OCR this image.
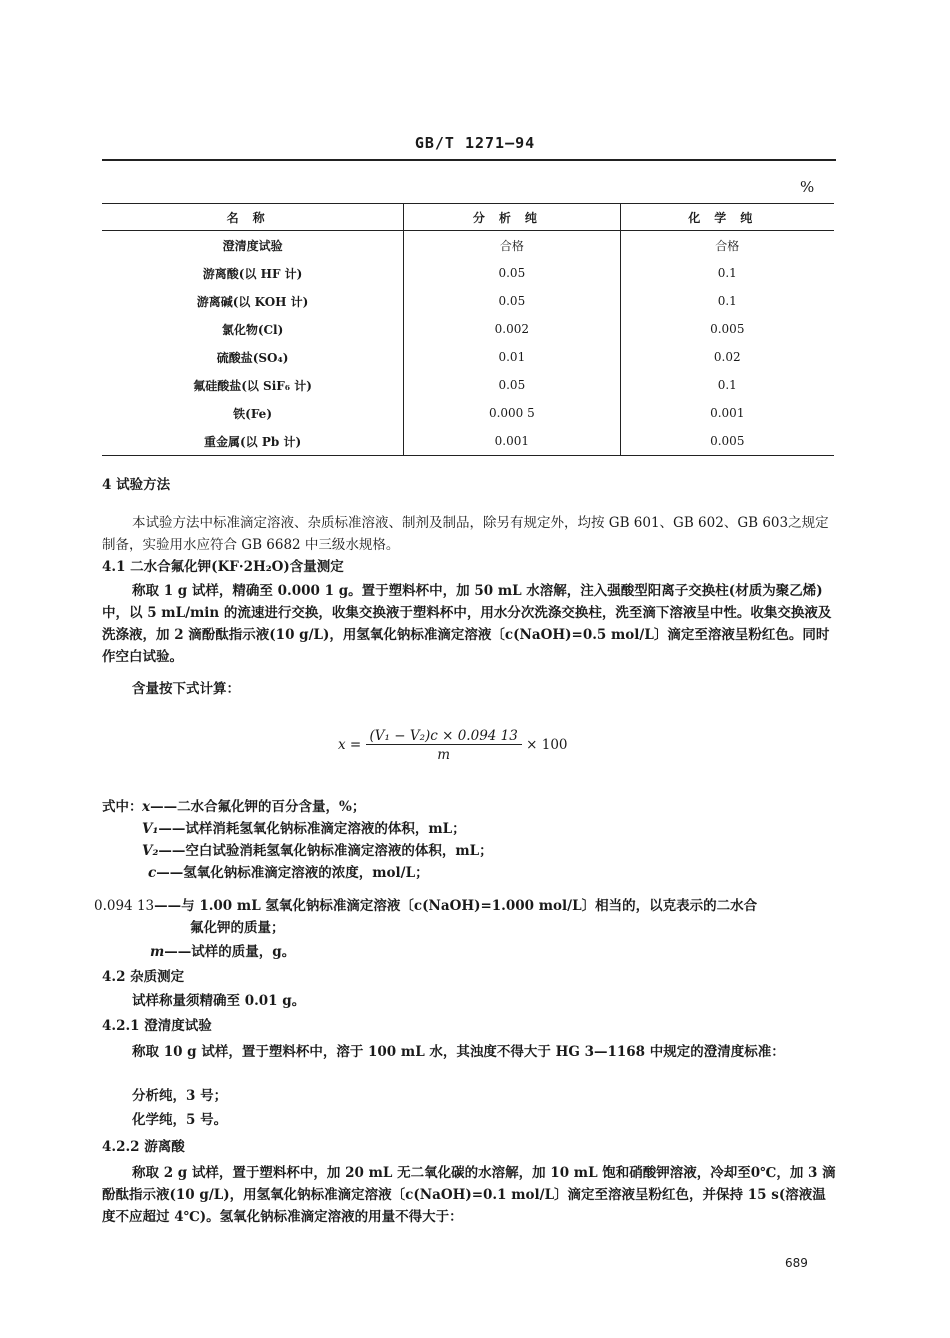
GB/T 1271—94
%
名称	分析纯	化学纯
澄清度试验	合格	合格
游离酸(以 HF 计)	0.05	0.1
游离碱(以 KOH 计)	0.05	0.1
氯化物(Cl)	0.002	0.005
硫酸盐(SO₄)	0.01	0.02
氟硅酸盐(以 SiF₆ 计)	0.05	0.1
铁(Fe)	0.000 5	0.001
重金属(以 Pb 计)	0.001	0.005
4 试验方法
本试验方法中标准滴定溶液、杂质标准溶液、制剂及制品，除另有规定外，均按 GB 601、GB 602、GB 603之规定制备，实验用水应符合 GB 6682 中三级水规格。
4.1 二水合氟化钾(KF·2H₂O)含量测定
称取 1 g 试样，精确至 0.000 1 g。置于塑料杯中，加 50 mL 水溶解，注入强酸型阳离子交换柱(材质为聚乙烯)中，以 5 mL/min 的流速进行交换，收集交换液于塑料杯中，用水分次洗涤交换柱，洗至滴下溶液呈中性。收集交换液及洗涤液，加 2 滴酚酞指示液(10 g/L)，用氢氧化钠标准滴定溶液〔c(NaOH)=0.5 mol/L〕滴定至溶液呈粉红色。同时作空白试验。
含量按下式计算：
$x = \frac{\text{(V₁ − V₂)c × 0.094 13}}{m} \times 100$
式中： x——二水合氟化钾的百分含量，%；
V₁——试样消耗氢氧化钠标准滴定溶液的体积，mL；
V₂——空白试验消耗氢氧化钠标准滴定溶液的体积，mL；
c——氢氧化钠标准滴定溶液的浓度，mol/L；
0.094 13——与 1.00 mL 氢氧化钠标准滴定溶液〔c(NaOH)=1.000 mol/L〕相当的，以克表示的二水合
氟化钾的质量；
m——试样的质量，g。
4.2 杂质测定
试样称量须精确至 0.01 g。
4.2.1 澄清度试验
称取 10 g 试样，置于塑料杯中，溶于 100 mL 水，其浊度不得大于 HG 3—1168 中规定的澄清度标准：
分析纯，3 号；
化学纯，5 号。
4.2.2 游离酸
称取 2 g 试样，置于塑料杯中，加 20 mL 无二氧化碳的水溶解，加 10 mL 饱和硝酸钾溶液，冷却至0℃，加 3 滴酚酞指示液(10 g/L)，用氢氧化钠标准滴定溶液〔c(NaOH)=0.1 mol/L〕滴定至溶液呈粉红色，并保持 15 s(溶液温度不应超过 4℃)。氢氧化钠标准滴定溶液的用量不得大于：
689
